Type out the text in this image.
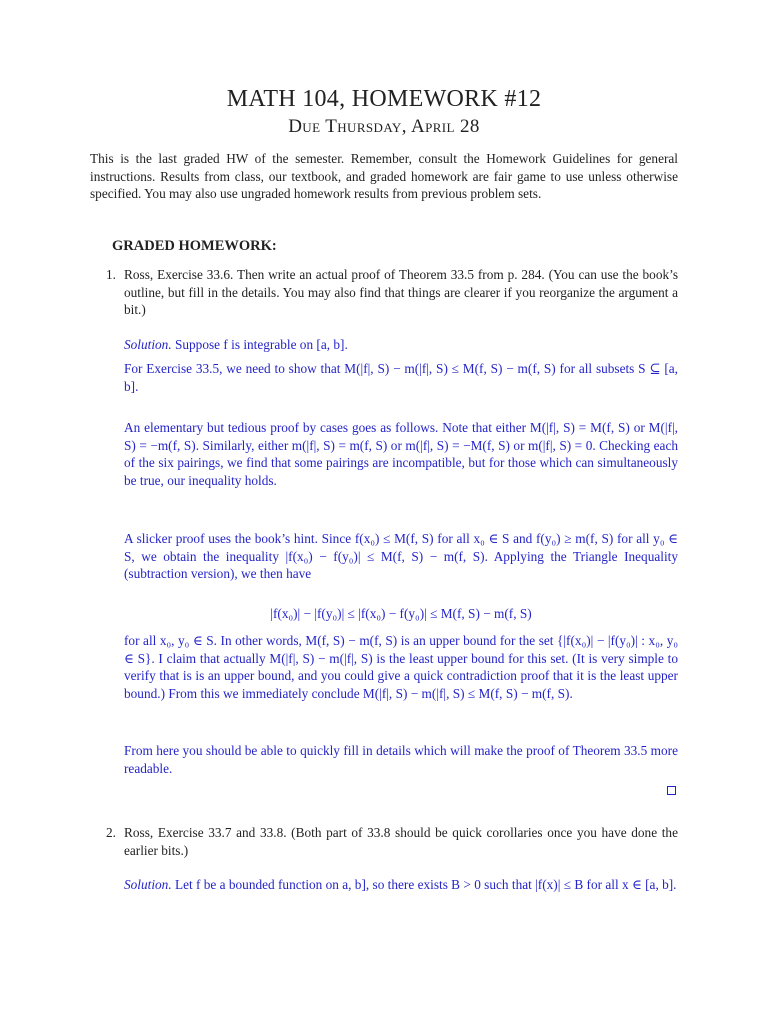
MATH 104, HOMEWORK #12
Due Thursday, April 28

This is the last graded HW of the semester. Remember, consult the Homework Guidelines for general instructions. Results from class, our textbook, and graded homework are fair game to use unless otherwise specified. You may also use ungraded homework results from previous problem sets.

GRADED HOMEWORK:

1. Ross, Exercise 33.6. Then write an actual proof of Theorem 33.5 from p. 284. (You can use the book’s outline, but fill in the details. You may also find that things are clearer if you reorganize the argument a bit.)

Solution. Suppose f is integrable on [a, b].

For Exercise 33.5, we need to show that M(|f|, S) − m(|f|, S) ≤ M(f, S) − m(f, S) for all subsets S ⊆ [a, b].

An elementary but tedious proof by cases goes as follows. Note that either M(|f|, S) = M(f, S) or M(|f|, S) = −m(f, S). Similarly, either m(|f|, S) = m(f, S) or m(|f|, S) = −M(f, S) or m(|f|, S) = 0. Checking each of the six pairings, we find that some pairings are incompatible, but for those which can simultaneously be true, our inequality holds.

A slicker proof uses the book’s hint. Since f(x₀) ≤ M(f, S) for all x₀ ∈ S and f(y₀) ≥ m(f, S) for all y₀ ∈ S, we obtain the inequality |f(x₀) − f(y₀)| ≤ M(f, S) − m(f, S). Applying the Triangle Inequality (subtraction version), we then have

|f(x₀)| − |f(y₀)| ≤ |f(x₀) − f(y₀)| ≤ M(f, S) − m(f, S)

for all x₀, y₀ ∈ S. In other words, M(f, S) − m(f, S) is an upper bound for the set {|f(x₀)| − |f(y₀)| : x₀, y₀ ∈ S}. I claim that actually M(|f|, S) − m(|f|, S) is the least upper bound for this set. (It is very simple to verify that is is an upper bound, and you could give a quick contradiction proof that it is the least upper bound.) From this we immediately conclude M(|f|, S) − m(|f|, S) ≤ M(f, S) − m(f, S).

From here you should be able to quickly fill in details which will make the proof of Theorem 33.5 more readable.

2. Ross, Exercise 33.7 and 33.8. (Both part of 33.8 should be quick corollaries once you have done the earlier bits.)

Solution. Let f be a bounded function on a, b], so there exists B > 0 such that |f(x)| ≤ B for all x ∈ [a, b].
